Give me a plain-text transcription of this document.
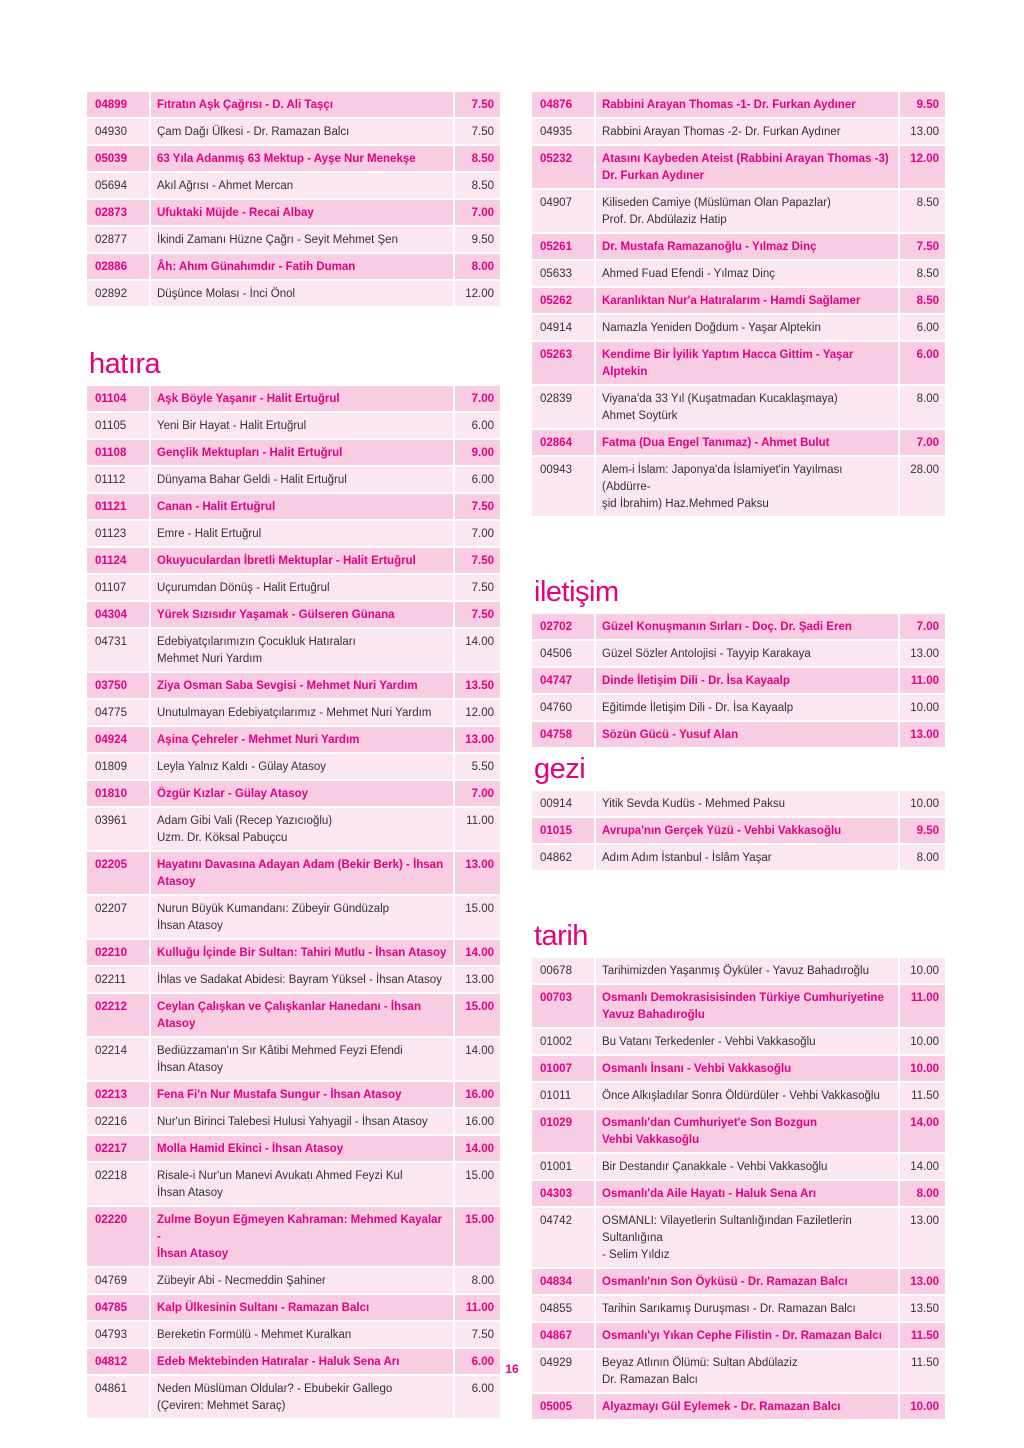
04899	Fıtratın Aşk Çağrısı - D. Ali Taşçı	7.50
04930	Çam Dağı Ülkesi - Dr. Ramazan Balcı	7.50
05039	63 Yıla Adanmış 63 Mektup - Ayşe Nur Menekşe	8.50
05694	Akıl Ağrısı - Ahmet Mercan	8.50
02873	Ufuktaki Müjde - Recai Albay	7.00
02877	İkindi Zamanı Hüzne Çağrı - Seyit Mehmet Şen	9.50
02886	Âh: Ahım Günahımdır - Fatih Duman	8.00
02892	Düşünce Molası - İnci Önol	12.00
hatıra
01104	Aşk Böyle Yaşanır - Halit Ertuğrul	7.00
01105	Yeni Bir Hayat - Halit Ertuğrul	6.00
01108	Gençlik Mektupları - Halit Ertuğrul	9.00
01112	Dünyama Bahar Geldi - Halit Ertuğrul	6.00
01121	Canan - Halit Ertuğrul	7.50
01123	Emre - Halit Ertuğrul	7.00
01124	Okuyuculardan İbretli Mektuplar - Halit Ertuğrul	7.50
01107	Uçurumdan Dönüş - Halit Ertuğrul	7.50
04304	Yürek Sızısıdır Yaşamak - Gülseren Günana	7.50
04731	Edebiyatçılarımızın Çocukluk Hatıraları
Mehmet Nuri Yardım	14.00
03750	Ziya Osman Saba Sevgisi - Mehmet Nuri Yardım	13.50
04775	Unutulmayan Edebiyatçılarımız - Mehmet Nuri Yardım	12.00
04924	Aşina Çehreler - Mehmet Nuri Yardım	13.00
01809	Leyla Yalnız Kaldı - Gülay Atasoy	5.50
01810	Özgür Kızlar - Gülay Atasoy	7.00
03961	Adam Gibi Vali (Recep Yazıcıoğlu)
Uzm. Dr. Köksal Pabuçcu	11.00
02205	Hayatını Davasına Adayan Adam (Bekir Berk) - İhsan Atasoy	13.00
02207	Nurun Büyük Kumandanı: Zübeyir Gündüzalp
İhsan Atasoy	15.00
02210	Kulluğu İçinde Bir Sultan: Tahiri Mutlu - İhsan Atasoy	14.00
02211	İhlas ve Sadakat Abidesi: Bayram Yüksel - İhsan Atasoy	13.00
02212	Ceylan Çalışkan ve Çalışkanlar Hanedanı - İhsan Atasoy	15.00
02214	Bediüzzaman'ın Sır Kâtibi Mehmed Feyzi Efendi
İhsan Atasoy	14.00
02213	Fena Fi'n Nur Mustafa Sungur - İhsan Atasoy	16.00
02216	Nur'un Birinci Talebesi Hulusi Yahyagil - İhsan Atasoy	16.00
02217	Molla Hamid Ekinci - İhsan Atasoy	14.00
02218	Risale-i Nur'un Manevi Avukatı Ahmed Feyzi Kul
İhsan Atasoy	15.00
02220	Zulme Boyun Eğmeyen Kahraman: Mehmed Kayalar -
İhsan Atasoy	15.00
04769	Zübeyir Abi - Necmeddin Şahiner	8.00
04785	Kalp Ülkesinin Sultanı - Ramazan Balcı	11.00
04793	Bereketin Formülü - Mehmet Kuralkan	7.50
04812	Edeb Mektebinden Hatıralar - Haluk Sena Arı	6.00
04861	Neden Müslüman Oldular? - Ebubekir Gallego
(Çeviren: Mehmet Saraç)	6.00
04876	Rabbini Arayan Thomas -1- Dr. Furkan Aydıner	9.50
04935	Rabbini Arayan Thomas -2- Dr. Furkan Aydıner	13.00
05232	Atasını Kaybeden Ateist (Rabbini Arayan Thomas -3)
Dr. Furkan Aydıner	12.00
04907	Kiliseden Camiye (Müslüman Olan Papazlar)
Prof. Dr. Abdülaziz Hatip	8.50
05261	Dr. Mustafa Ramazanoğlu - Yılmaz Dinç	7.50
05633	Ahmed Fuad Efendi - Yılmaz Dinç	8.50
05262	Karanlıktan Nur'a Hatıralarım - Hamdi Sağlamer	8.50
04914	Namazla Yeniden Doğdum - Yaşar Alptekin	6.00
05263	Kendime Bir İyilik Yaptım Hacca Gittim - Yaşar Alptekin	6.00
02839	Viyana'da 33 Yıl (Kuşatmadan Kucaklaşmaya)
Ahmet Soytürk	8.00
02864	Fatma (Dua Engel Tanımaz) - Ahmet Bulut	7.00
00943	Alem-i İslam: Japonya'da İslamiyet'in Yayılması (Abdürre-
şid İbrahim) Haz.Mehmed Paksu	28.00
iletişim
02702	Güzel Konuşmanın Sırları - Doç. Dr. Şadi Eren	7.00
04506	Güzel Sözler Antolojisi - Tayyip Karakaya	13.00
04747	Dinde İletişim Dili - Dr. İsa Kayaalp	11.00
04760	Eğitimde İletişim Dili - Dr. İsa Kayaalp	10.00
04758	Sözün Gücü - Yusuf Alan	13.00
gezi
00914	Yitik Sevda Kudüs - Mehmed Paksu	10.00
01015	Avrupa'nın Gerçek Yüzü - Vehbi Vakkasoğlu	9.50
04862	Adım Adım İstanbul - İslâm Yaşar	8.00
tarih
00678	Tarihimizden Yaşanmış Öyküler - Yavuz Bahadıroğlu	10.00
00703	Osmanlı Demokrasisisinden Türkiye Cumhuriyetine
Yavuz Bahadıroğlu	11.00
01002	Bu Vatanı Terkedenler - Vehbi Vakkasoğlu	10.00
01007	Osmanlı İnsanı - Vehbi Vakkasoğlu	10.00
01011	Önce Alkışladılar Sonra Öldürdüler - Vehbi Vakkasoğlu	11.50
01029	Osmanlı'dan Cumhuriyet'e Son Bozgun
Vehbi Vakkasoğlu	14.00
01001	Bir Destandır Çanakkale - Vehbi Vakkasoğlu	14.00
04303	Osmanlı'da Aile Hayatı - Haluk Sena Arı	8.00
04742	OSMANLI: Vilayetlerin Sultanlığından Faziletlerin Sultanlığına
- Selim Yıldız	13.00
04834	Osmanlı'nın Son Öyküsü - Dr. Ramazan Balcı	13.00
04855	Tarihin Sarıkamış Duruşması - Dr. Ramazan Balcı	13.50
04867	Osmanlı'yı Yıkan Cephe Filistin - Dr. Ramazan Balcı	11.50
04929	Beyaz Atlının Ölümü: Sultan Abdülaziz
Dr. Ramazan Balcı	11.50
05005	Alyazmayı Gül Eylemek - Dr. Ramazan Balcı	10.00
16
